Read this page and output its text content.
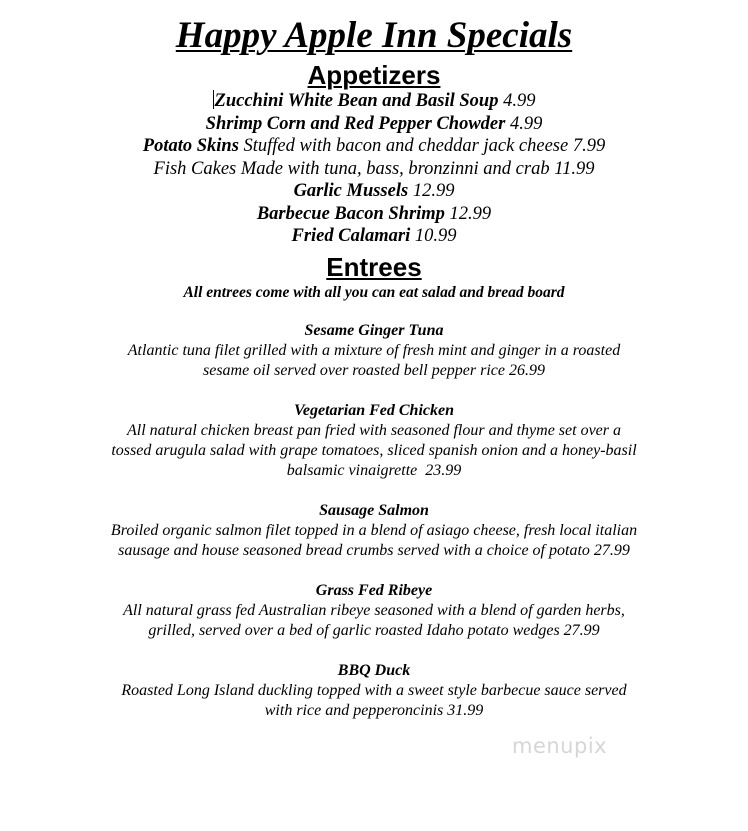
Happy Apple Inn Specials
Appetizers
Zucchini White Bean and Basil Soup 4.99
Shrimp Corn and Red Pepper Chowder 4.99
Potato Skins Stuffed with bacon and cheddar jack cheese 7.99
Fish Cakes Made with tuna, bass, bronzinni and crab 11.99
Garlic Mussels 12.99
Barbecue Bacon Shrimp 12.99
Fried Calamari 10.99
Entrees
All entrees come with all you can eat salad and bread board
Sesame Ginger Tuna
Atlantic tuna filet grilled with a mixture of fresh mint and ginger in a roasted
sesame oil served over roasted bell pepper rice 26.99
Vegetarian Fed Chicken
All natural chicken breast pan fried with seasoned flour and thyme set over a
tossed arugula salad with grape tomatoes, sliced spanish onion and a honey-basil
balsamic vinaigrette  23.99
Sausage Salmon
Broiled organic salmon filet topped in a blend of asiago cheese, fresh local italian
sausage and house seasoned bread crumbs served with a choice of potato 27.99
Grass Fed Ribeye
All natural grass fed Australian ribeye seasoned with a blend of garden herbs,
grilled, served over a bed of garlic roasted Idaho potato wedges 27.99
BBQ Duck
Roasted Long Island duckling topped with a sweet style barbecue sauce served
with rice and pepperoncinis 31.99
menupix
